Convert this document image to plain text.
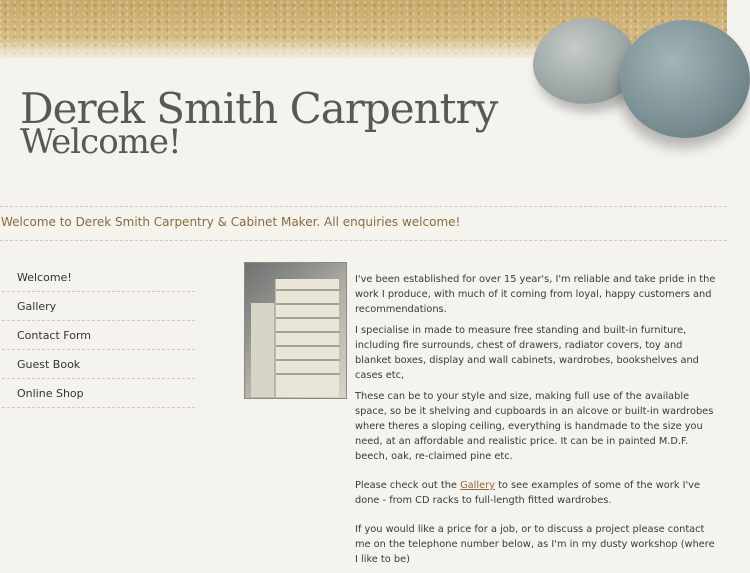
Derek Smith Carpentry
Welcome!
Welcome to Derek Smith Carpentry & Cabinet Maker. All enquiries welcome!
Welcome!
Gallery
Contact Form
Guest Book
Online Shop

I've been established for over 15 year's, I'm reliable and take pride in the work I produce, with much of it coming from loyal, happy customers and recommendations.

I specialise in made to measure free standing and built-in furniture, including fire surrounds, chest of drawers, radiator covers, toy and blanket boxes, display and wall cabinets, wardrobes, bookshelves and cases etc,

These can be to your style and size, making full use of the available space, so be it shelving and cupboards in an alcove or built-in wardrobes where theres a sloping ceiling, everything is handmade to the size you need, at an affordable and realistic price. It can be in painted M.D.F. beech, oak, re-claimed pine etc.

Please check out the Gallery to see examples of some of the work I've done - from CD racks to full-length fitted wardrobes.

If you would like a price for a job, or to discuss a project please contact me on the telephone number below, as I'm in my dusty workshop (where I like to be)
